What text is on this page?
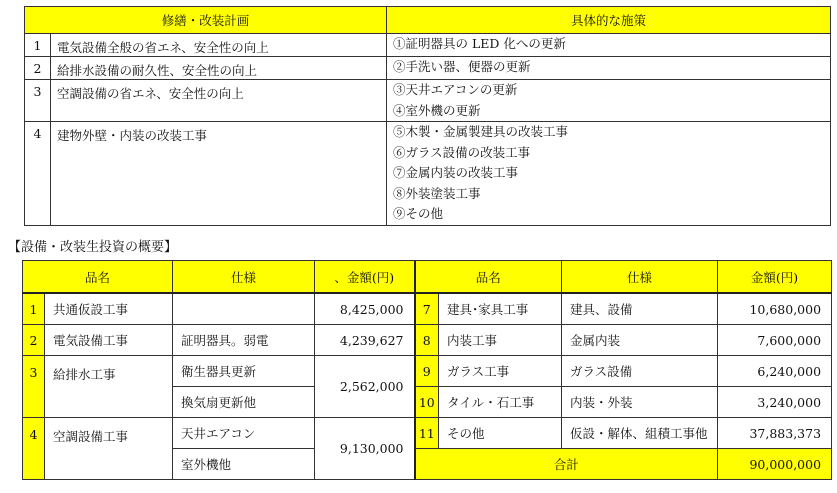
修繕・改装計画		具体的な施策
1	電気設備全般の省エネ、安全性の向上	①証明器具の LED 化への更新

2	給排水設備の耐久性、安全性の向上	②手洗い器、便器の更新

3	空調設備の省エネ、安全性の向上	③天井エアコンの更新
④室外機の更新

4	建物外壁・内装の改装工事	⑤木製・金属製建具の改装工事
⑥ガラス設備の改装工事
⑦金属内装の改装工事
⑧外装塗装工事
⑨その他
【設備・改装生投資の概要】
品名		仕様	、金額(円)	品名		仕様	金額(円)
1	共通仮設工事		8,425,000	7	建具･家具工事	建具、設備	10,680,000
2	電気設備工事	証明器具。弱電	4,239,627	8	内装工事	金属内装	7,600,000
3	給排水工事	衛生器具更新	2,562,000	9	ガラス工事	ガラス設備	6,240,000
		換気扇更新他		10	タイル・石工事	内装・外装	3,240,000
4	空調設備工事	天井エアコン	9,130,000	11	その他	仮設・解体、組積工事他	37,883,373
		室外機他		合計			90,000,000
